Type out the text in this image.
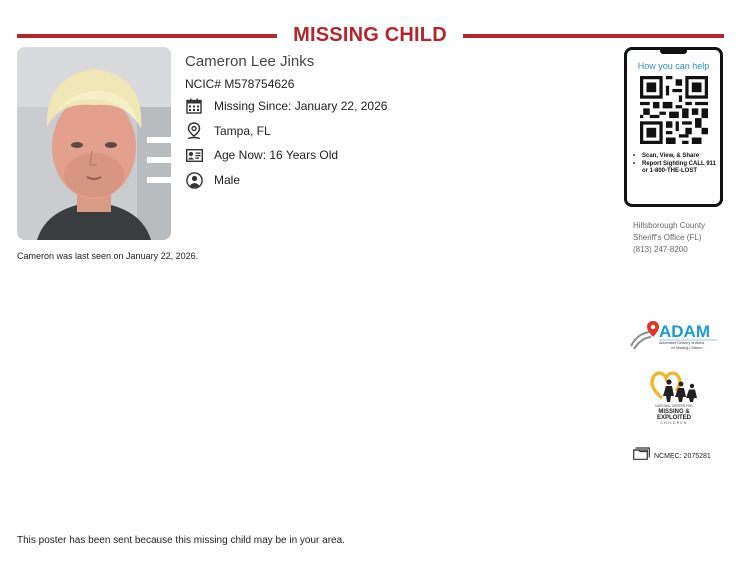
MISSING CHILD
Cameron Lee Jinks
NCIC# M578754626
Missing Since: January 22, 2026
Tampa, FL
Age Now: 16 Years Old
Male
Cameron was last seen on January 22, 2026.
How you can help
• Scan, View, & Share
• Report Sighting CALL 911 or 1-800-THE-LOST
Hillsborough County
Sheriff's Office (FL)
(813) 247-8200
ADAM
Automated Delivery of Alerts
on Missing Children
NATIONAL CENTER FOR
MISSING &
EXPLOITED
CHILDREN
NCMEC: 2075281
This poster has been sent because this missing child may be in your area.
